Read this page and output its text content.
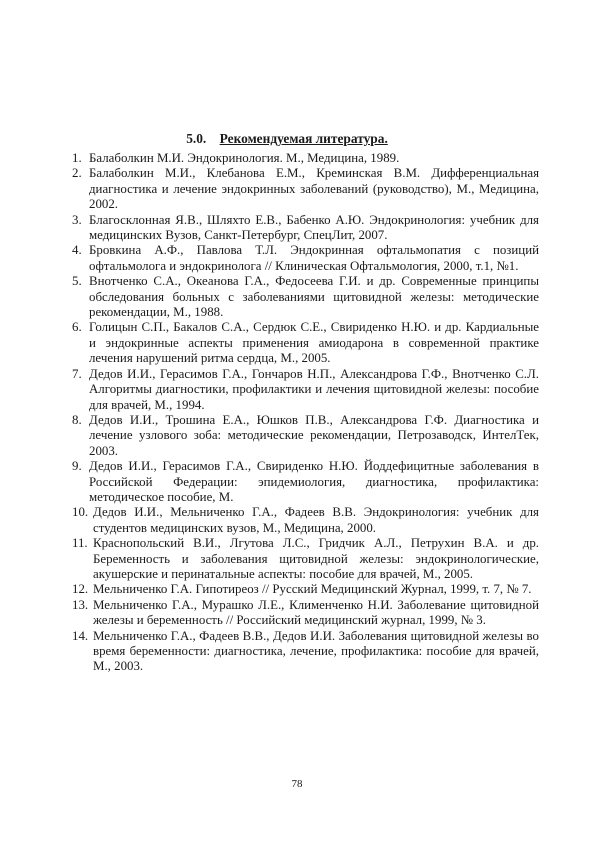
5.0. Рекомендуемая литература.
1. Балаболкин М.И. Эндокринология. М., Медицина, 1989.
2. Балаболкин М.И., Клебанова Е.М., Креминская В.М. Дифференциальная диагностика и лечение эндокринных заболеваний (руководство), М., Медицина, 2002.
3. Благосклонная Я.В., Шляхто Е.В., Бабенко А.Ю. Эндокринология: учебник для медицинских Вузов, Санкт-Петербург, СпецЛит, 2007.
4. Бровкина А.Ф., Павлова Т.Л. Эндокринная офтальмопатия с позиций офтальмолога и эндокринолога // Клиническая Офтальмология, 2000, т.1, №1.
5. Внотченко С.А., Океанова Г.А., Федосеева Г.И. и др. Современные принципы обследования больных с заболеваниями щитовидной железы: методические рекомендации, М., 1988.
6. Голицын С.П., Бакалов С.А., Сердюк С.Е., Свириденко Н.Ю. и др. Кардиальные и эндокринные аспекты применения амиодарона в современной практике лечения нарушений ритма сердца, М., 2005.
7. Дедов И.И., Герасимов Г.А., Гончаров Н.П., Александрова Г.Ф., Внотченко С.Л. Алгоритмы диагностики, профилактики и лечения щитовидной железы: пособие для врачей, М., 1994.
8. Дедов И.И., Трошина Е.А., Юшков П.В., Александрова Г.Ф. Диагностика и лечение узлового зоба: методические рекомендации, Петрозаводск, ИнтелТек, 2003.
9. Дедов И.И., Герасимов Г.А., Свириденко Н.Ю. Йоддефицитные заболевания в Российской Федерации: эпидемиология, диагностика, профилактика: методическое пособие, М.
10. Дедов И.И., Мельниченко Г.А., Фадеев В.В. Эндокринология: учебник для студентов медицинских вузов, М., Медицина, 2000.
11. Краснопольский В.И., Лгутова Л.С., Гридчик А.Л., Петрухин В.А. и др. Беременность и заболевания щитовидной железы: эндокринологические, акушерские и перинатальные аспекты: пособие для врачей, М., 2005.
12. Мельниченко Г.А. Гипотиреоз // Русский Медицинский Журнал, 1999, т. 7, № 7.
13. Мельниченко Г.А., Мурашко Л.Е., Клименченко Н.И. Заболевание щитовидной железы и беременность // Российский медицинский журнал, 1999, № 3.
14. Мельниченко Г.А., Фадеев В.В., Дедов И.И. Заболевания щитовидной железы во время беременности: диагностика, лечение, профилактика: пособие для врачей, М., 2003.
78
